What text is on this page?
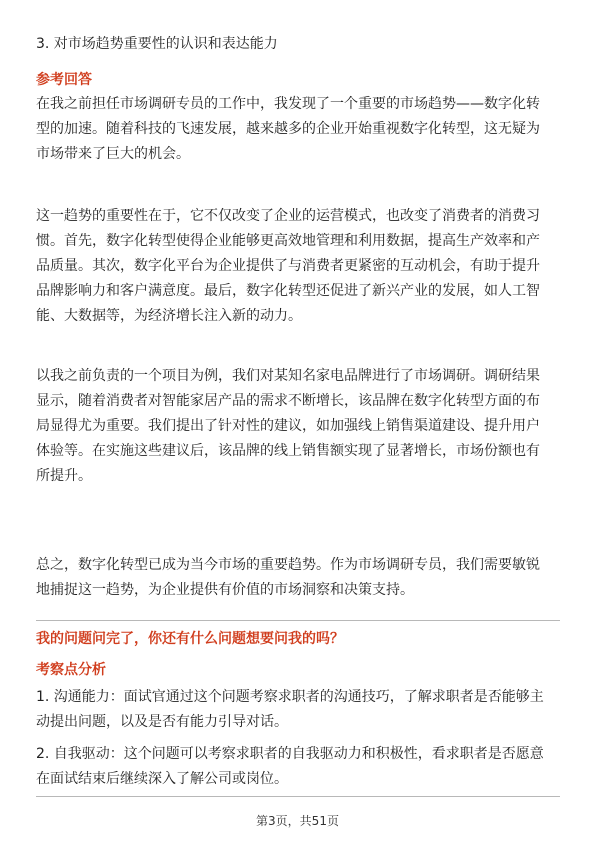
3. 对市场趋势重要性的认识和表达能力
参考回答
在我之前担任市场调研专员的工作中，我发现了一个重要的市场趋势——数字化转
型的加速。随着科技的飞速发展，越来越多的企业开始重视数字化转型，这无疑为
市场带来了巨大的机会。
这一趋势的重要性在于，它不仅改变了企业的运营模式，也改变了消费者的消费习
惯。首先，数字化转型使得企业能够更高效地管理和利用数据，提高生产效率和产
品质量。其次，数字化平台为企业提供了与消费者更紧密的互动机会，有助于提升
品牌影响力和客户满意度。最后，数字化转型还促进了新兴产业的发展，如人工智
能、大数据等，为经济增长注入新的动力。
以我之前负责的一个项目为例，我们对某知名家电品牌进行了市场调研。调研结果
显示，随着消费者对智能家居产品的需求不断增长，该品牌在数字化转型方面的布
局显得尤为重要。我们提出了针对性的建议，如加强线上销售渠道建设、提升用户
体验等。在实施这些建议后，该品牌的线上销售额实现了显著增长，市场份额也有
所提升。
总之，数字化转型已成为当今市场的重要趋势。作为市场调研专员，我们需要敏锐
地捕捉这一趋势，为企业提供有价值的市场洞察和决策支持。
我的问题问完了，你还有什么问题想要问我的吗？
考察点分析
1. 沟通能力：面试官通过这个问题考察求职者的沟通技巧，了解求职者是否能够主
动提出问题，以及是否有能力引导对话。
2. 自我驱动：这个问题可以考察求职者的自我驱动力和积极性，看求职者是否愿意
在面试结束后继续深入了解公司或岗位。
第3页，共51页
